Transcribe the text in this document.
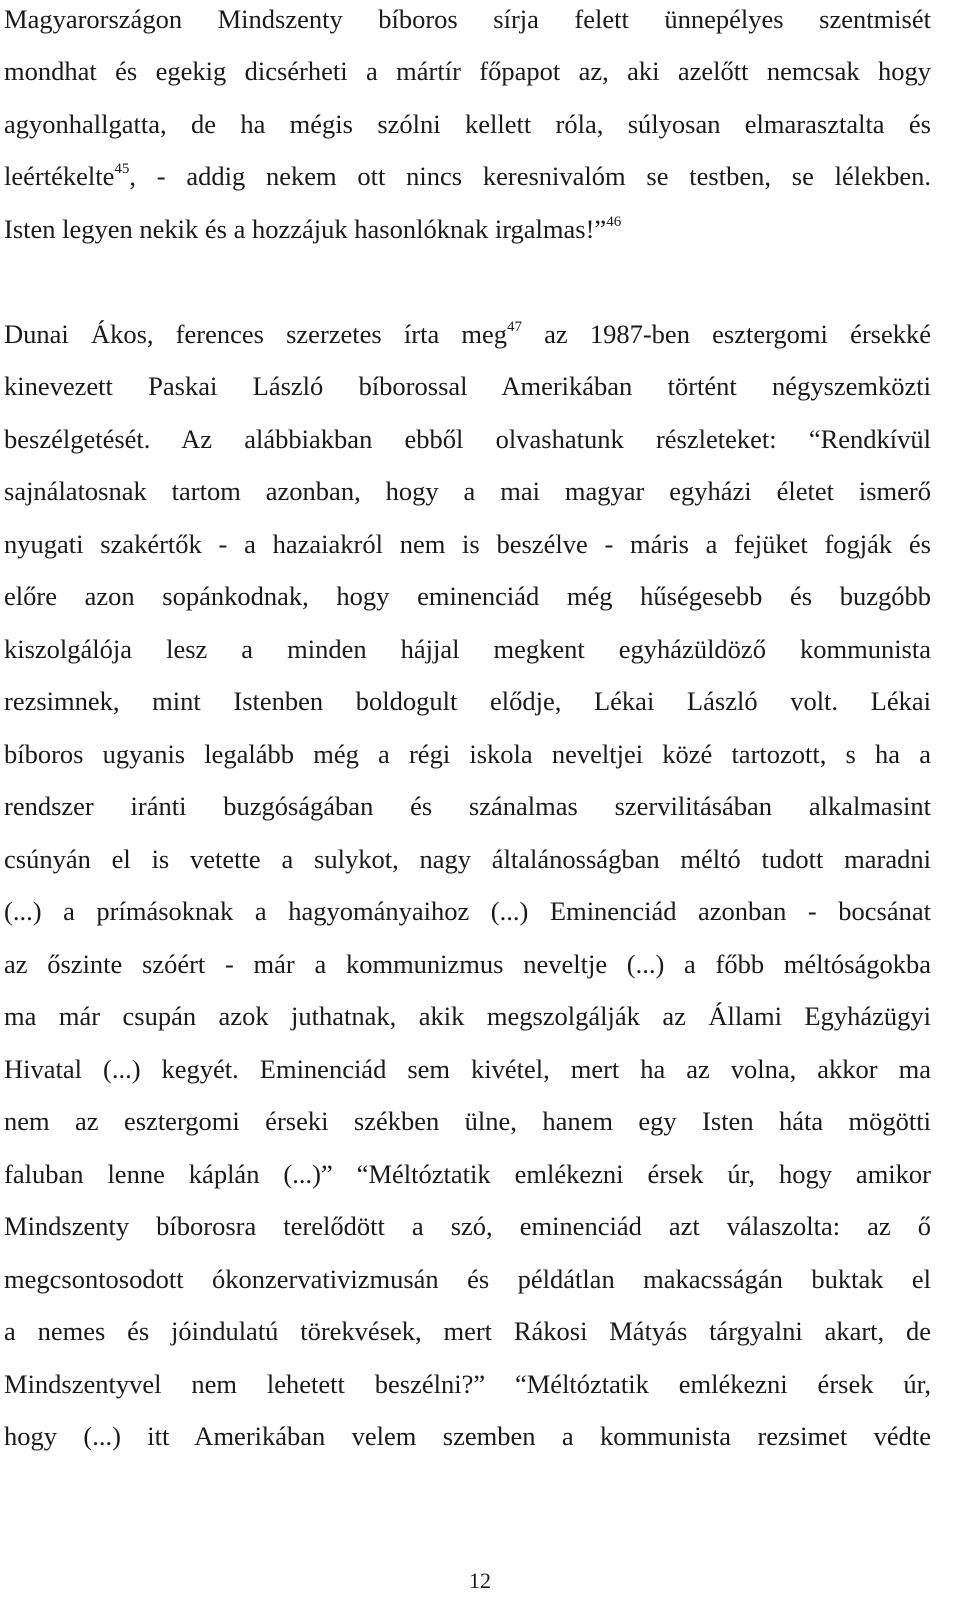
Magyarországon Mindszenty bíboros sírja felett ünnepélyes szentmisét
mondhat és egekig dicsérheti a mártír főpapot az, aki azelőtt nemcsak hogy
agyonhallgatta, de ha mégis szólni kellett róla, súlyosan elmarasztalta és
leértékelte$^{45}$, - addig nekem ott nincs keresnivalóm se testben, se lélekben.
Isten legyen nekik és a hozzájuk hasonlóknak irgalmas!”$^{46}$
Dunai Ákos, ferences szerzetes írta meg$^{47}$ az 1987-ben esztergomi érsekké
kinevezett Paskai László bíborossal Amerikában történt négyszemközti
beszélgetését. Az alábbiakban ebből olvashatunk részleteket: “Rendkívül
sajnálatosnak tartom azonban, hogy a mai magyar egyházi életet ismerő
nyugati szakértők - a hazaiakról nem is beszélve - máris a fejüket fogják és
előre azon sopánkodnak, hogy eminenciád még hűségesebb és buzgóbb
kiszolgálója lesz a minden hájjal megkent egyházüldöző kommunista
rezsimnek, mint Istenben boldogult elődje, Lékai László volt. Lékai
bíboros ugyanis legalább még a régi iskola neveltjei közé tartozott, s ha a
rendszer iránti buzgóságában és szánalmas szervilitásában alkalmasint
csúnyán el is vetette a sulykot, nagy általánosságban méltó tudott maradni
(...) a prímásoknak a hagyományaihoz (...) Eminenciád azonban - bocsánat
az őszinte szóért - már a kommunizmus neveltje (...) a főbb méltóságokba
ma már csupán azok juthatnak, akik megszolgálják az Állami Egyházügyi
Hivatal (...) kegyét. Eminenciád sem kivétel, mert ha az volna, akkor ma
nem az esztergomi érseki székben ülne, hanem egy Isten háta mögötti
faluban lenne káplán (...)” “Méltóztatik emlékezni érsek úr, hogy amikor
Mindszenty bíborosra terelődött a szó, eminenciád azt válaszolta: az ő
megcsontosodott ókonzervativizmusán és példátlan makacsságán buktak el
a nemes és jóindulatú törekvések, mert Rákosi Mátyás tárgyalni akart, de
Mindszentyvel nem lehetett beszélni?” “Méltóztatik emlékezni érsek úr,
hogy (...) itt Amerikában velem szemben a kommunista rezsimet védte
12
